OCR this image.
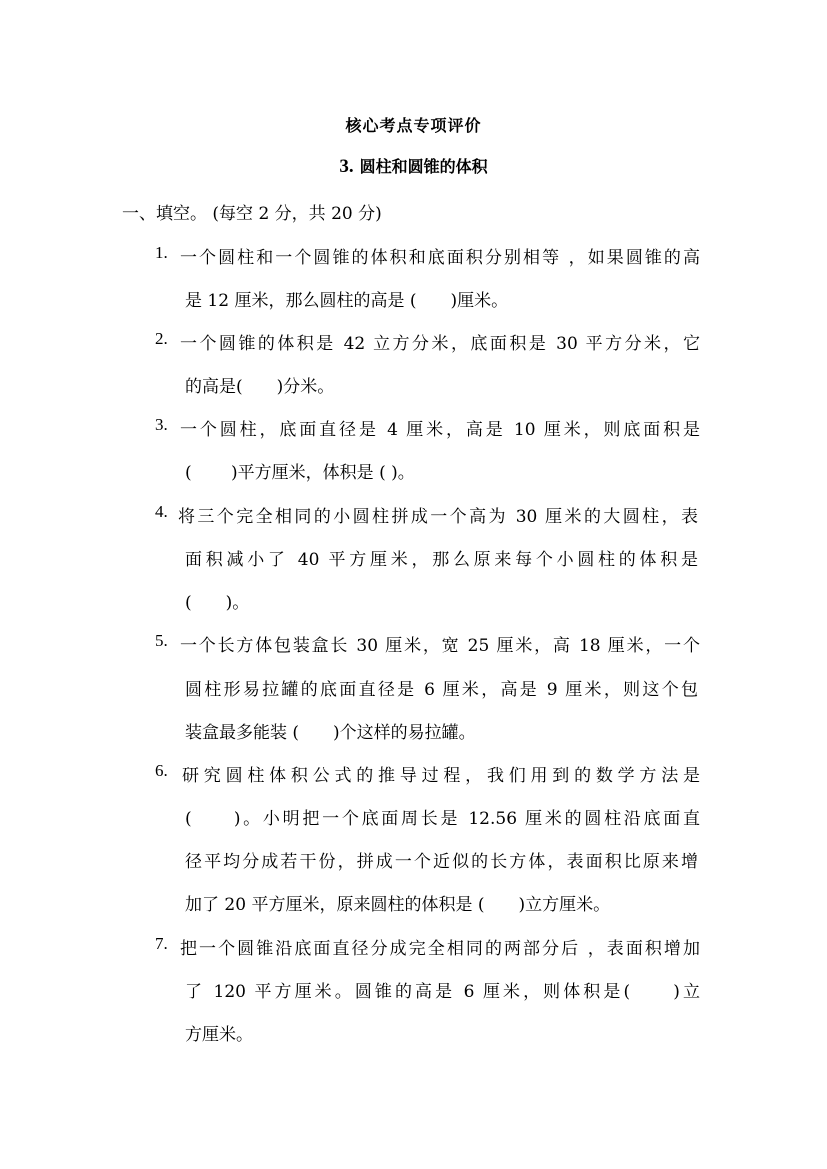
核心考点专项评价
3. 圆柱和圆锥的体积
一、填空。 (每空 2 分，共 20 分)
1. 一个圆柱和一个圆锥的体积和底面积分别相等 ，如果圆锥的高
是 12 厘米，那么圆柱的高是 (　　)厘米。
2. 一个圆锥的体积是 42 立方分米，底面积是 30 平方分米，它
的高是(　　)分米。
3. 一个圆柱，底面直径是 4 厘米，高是 10 厘米，则底面积是
(　　 )平方厘米，体积是 ( )。
4. 将三个完全相同的小圆柱拼成一个高为 30 厘米的大圆柱，表
面积减小了 40 平方厘米，那么原来每个小圆柱的体积是
(　　)。
5. 一个长方体包装盒长 30 厘米，宽 25 厘米，高 18 厘米，一个
圆柱形易拉罐的底面直径是 6 厘米，高是 9 厘米，则这个包
装盒最多能装 (　　)个这样的易拉罐。
6. 研究圆柱体积公式的推导过程，我们用到的数学方法是
(　　)。小明把一个底面周长是 12.56 厘米的圆柱沿底面直
径平均分成若干份，拼成一个近似的长方体，表面积比原来增
加了 20 平方厘米，原来圆柱的体积是 (　　)立方厘米。
7. 把一个圆锥沿底面直径分成完全相同的两部分后 ，表面积增加
了 120 平方厘米。圆锥的高是 6 厘米，则体积是(　　)立
方厘米。
